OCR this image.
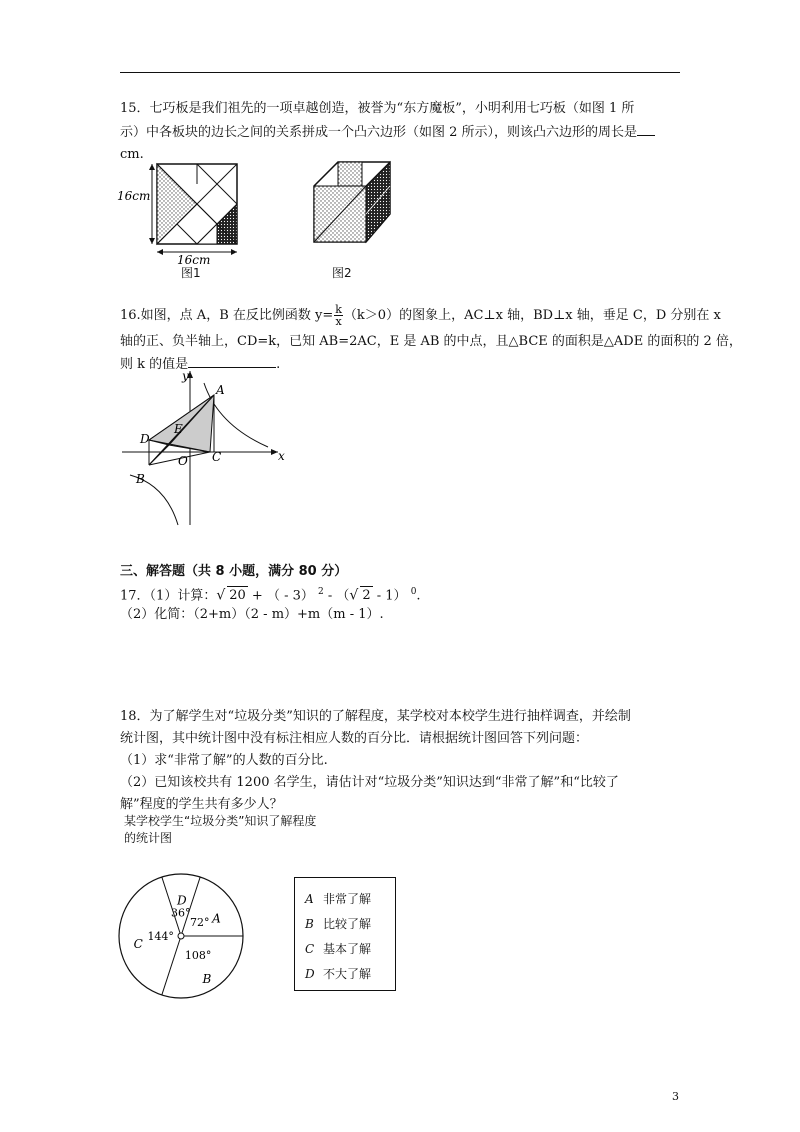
15．七巧板是我们祖先的一项卓越创造，被誉为“东方魔板”，小明利用七巧板（如图 1 所
示）中各板块的边长之间的关系拼成一个凸六边形（如图 2 所示），则该凸六边形的周长是
cm.
16cm
16cm
图1	图2
16.如图，点 A，B 在反比例函数 $y= \frac{k}{x} (k>0)$的图象上，AC⊥x 轴，BD⊥x 轴，垂足 C，D 分别在 x
轴的正、负半轴上，CD=k，已知 AB=2AC，E 是 AB 的中点，且△BCE 的面积是△ADE 的面积的 2 倍，
则 k 的值是	.
y
x
A
B
C
D
E
O
三、解答题（共 8 小题，满分 80 分）
17．（1）计算：√ 20 + （ - 3） $^2$ - （√ 2 - 1） $^0$.
（2）化简：（2+m）（2 - m）+m（m - 1）.
18．为了解学生对“垃圾分类”知识的了解程度，某学校对本校学生进行抽样调查，并绘制
统计图，其中统计图中没有标注相应人数的百分比．请根据统计图回答下列问题：
（1）求“非常了解”的人数的百分比.
（2）已知该校共有 1200 名学生，请估计对“垃圾分类”知识达到“非常了解”和“比较了
解”程度的学生共有多少人？
某学校学生“垃圾分类”知识了解程度
的统计图
A
72°
D
36°
C
144°
B
108°
A 非常了解
B 比较了解
C 基本了解
D 不大了解
3
